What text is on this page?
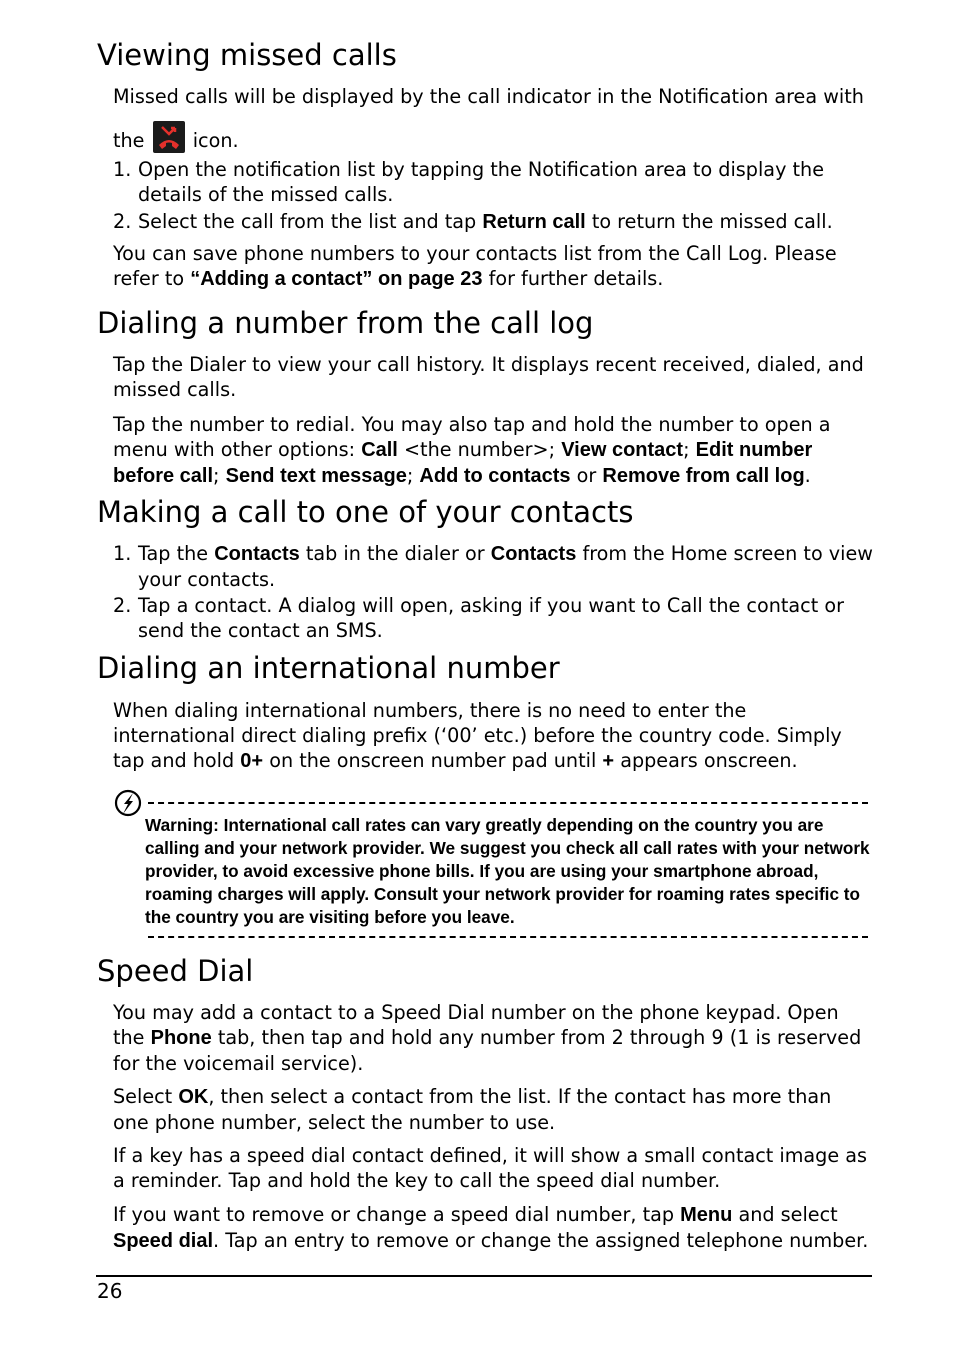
Viewing missed calls

Missed calls will be displayed by the call indicator in the Notification area with
the	icon.

1. Open the notification list by tapping the Notification area to display the details of the missed calls.
2. Select the call from the list and tap Return call to return the missed call.

You can save phone numbers to your contacts list from the Call Log. Please refer to “Adding a contact” on page 23 for further details.

Dialing a number from the call log

Tap the Dialer to view your call history. It displays recent received, dialed, and missed calls.

Tap the number to redial. You may also tap and hold the number to open a menu with other options: Call <the number>; View contact; Edit number before call; Send text message; Add to contacts or Remove from call log.

Making a call to one of your contacts
1. Tap the Contacts tab in the dialer or Contacts from the Home screen to view your contacts.
2. Tap a contact. A dialog will open, asking if you want to Call the contact or send the contact an SMS.
Dialing an international number

When dialing international numbers, there is no need to enter the international direct dialing prefix (‘00’ etc.) before the country code. Simply tap and hold 0+ on the onscreen number pad until + appears onscreen.

Warning: International call rates can vary greatly depending on the country you are calling and your network provider. We suggest you check all call rates with your network provider, to avoid excessive phone bills. If you are using your smartphone abroad, roaming charges will apply. Consult your network provider for roaming rates specific to the country you are visiting before you leave.
Speed Dial

You may add a contact to a Speed Dial number on the phone keypad. Open the Phone tab, then tap and hold any number from 2 through 9 (1 is reserved for the voicemail service).

Select OK, then select a contact from the list. If the contact has more than one phone number, select the number to use.

If a key has a speed dial contact defined, it will show a small contact image as a reminder. Tap and hold the key to call the speed dial number.

If you want to remove or change a speed dial number, tap Menu and select Speed dial. Tap an entry to remove or change the assigned telephone number.

26
